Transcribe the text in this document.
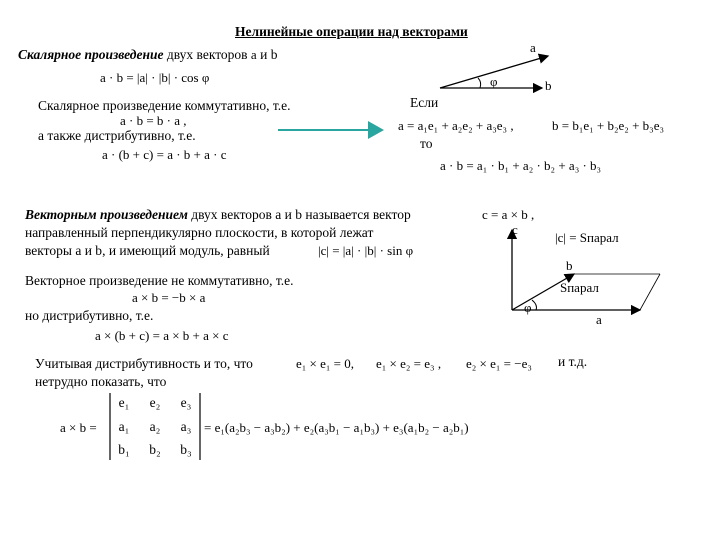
Нелинейные операции над векторами
Скалярное произведение двух векторов a и b
a · b = |a| · |b| · cos φ
a
b
φ
Скалярное произведение коммутативно, т.е.
a · b = b · a ,
а также дистрибутивно, т.е.
a · (b + c) = a · b + a · c
Если
a = a₁e₁ + a₂e₂ + a₃e₃ ,	b = b₁e₁ + b₂e₂ + b₃e₃
то
a · b = a₁ · b₁ + a₂ · b₂ + a₃ · b₃
Векторным произведением двух векторов a и b называется вектор	c = a × b ,
направленный перпендикулярно плоскости, в которой лежат
векторы a и b, и имеющий модуль, равный	|c| = |a| · |b| · sin φ
|c| = Sпарал
c
b
Sпарал
a
φ
Векторное произведение не коммутативно, т.е.
a × b = −b × a
но дистрибутивно, т.е.
a × (b + c) = a × b + a × c
Учитывая дистрибутивность и то, что	e₁ × e₁ = 0, e₁ × e₂ = e₃ , e₂ × e₁ = −e₃ и т.д.
нетрудно показать, что
a × b =
e₁	e₂	e₃
a₁	a₂	a₃
b₁	b₂	b₃
= e₁(a₂b₃ − a₃b₂) + e₂(a₃b₁ − a₁b₃) + e₃(a₁b₂ − a₂b₁)
